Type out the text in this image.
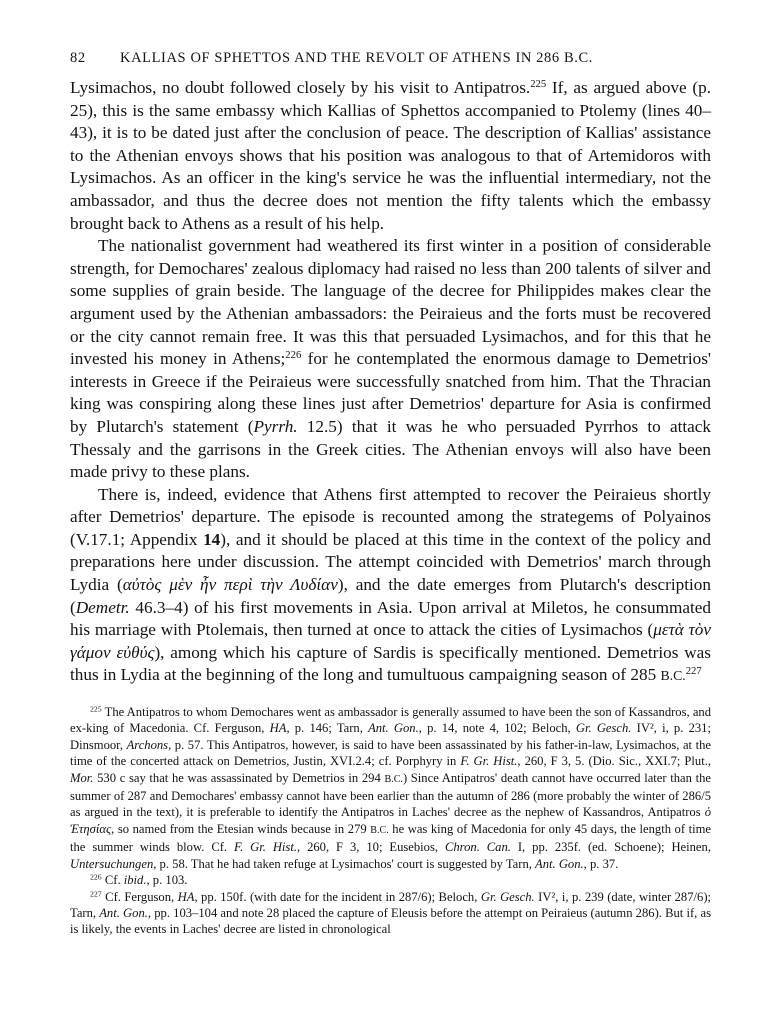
82	KALLIAS OF SPHETTOS AND THE REVOLT OF ATHENS IN 286 B.C.

Lysimachos, no doubt followed closely by his visit to Antipatros.$^{225}$ If, as argued above (p. 25), this is the same embassy which Kallias of Sphettos accompanied to Ptolemy (lines 40–43), it is to be dated just after the conclusion of peace. The description of Kallias' assistance to the Athenian envoys shows that his position was analogous to that of Artemidoros with Lysimachos. As an officer in the king's service he was the influential intermediary, not the ambassador, and thus the decree does not mention the fifty talents which the embassy brought back to Athens as a result of his help.

The nationalist government had weathered its first winter in a position of considerable strength, for Demochares' zealous diplomacy had raised no less than 200 talents of silver and some supplies of grain beside. The language of the decree for Philippides makes clear the argument used by the Athenian ambassadors: the Peiraieus and the forts must be recovered or the city cannot remain free. It was this that persuaded Lysimachos, and for this that he invested his money in Athens;$^{226}$ for he contemplated the enormous damage to Demetrios' interests in Greece if the Peiraieus were successfully snatched from him. That the Thracian king was conspiring along these lines just after Demetrios' departure for Asia is confirmed by Plutarch's statement (Pyrrh. 12.5) that it was he who persuaded Pyrrhos to attack Thessaly and the garrisons in the Greek cities. The Athenian envoys will also have been made privy to these plans.

There is, indeed, evidence that Athens first attempted to recover the Peiraieus shortly after Demetrios' departure. The episode is recounted among the strategems of Polyainos (V.17.1; Appendix 14), and it should be placed at this time in the context of the policy and preparations here under discussion. The attempt coincided with Demetrios' march through Lydia (αὐτὸς μὲν ἦν περὶ τὴν Λυδίαν), and the date emerges from Plutarch's description (Demetr. 46.3–4) of his first movements in Asia. Upon arrival at Miletos, he consummated his marriage with Ptolemais, then turned at once to attack the cities of Lysimachos (μετὰ τὸν γάμον εὐθύς), among which his capture of Sardis is specifically mentioned. Demetrios was thus in Lydia at the beginning of the long and tumultuous campaigning season of 285 B.C.$^{227}$

$^{225}$ The Antipatros to whom Demochares went as ambassador is generally assumed to have been the son of Kassandros, and ex-king of Macedonia. Cf. Ferguson, HA, p. 146; Tarn, Ant. Gon., p. 14, note 4, 102; Beloch, Gr. Gesch. IV², i, p. 231; Dinsmoor, Archons, p. 57. This Antipatros, however, is said to have been assassinated by his father-in-law, Lysimachos, at the time of the concerted attack on Demetrios, Justin, XVI.2.4; cf. Porphyry in F. Gr. Hist., 260, F 3, 5. (Dio. Sic., XXI.7; Plut., Mor. 530 c say that he was assassinated by Demetrios in 294 B.C.) Since Antipatros' death cannot have occurred later than the summer of 287 and Demochares' embassy cannot have been earlier than the autumn of 286 (more probably the winter of 286/5 as argued in the text), it is preferable to identify the Antipatros in Laches' decree as the nephew of Kassandros, Antipatros ὁ Ἐτησίας, so named from the Etesian winds because in 279 B.C. he was king of Macedonia for only 45 days, the length of time the summer winds blow. Cf. F. Gr. Hist., 260, F 3, 10; Eusebios, Chron. Can. I, pp. 235f. (ed. Schoene); Heinen, Untersuchungen, p. 58. That he had taken refuge at Lysimachos' court is suggested by Tarn, Ant. Gon., p. 37.

$^{226}$ Cf. ibid., p. 103.

$^{227}$ Cf. Ferguson, HA, pp. 150f. (with date for the incident in 287/6); Beloch, Gr. Gesch. IV², i, p. 239 (date, winter 287/6); Tarn, Ant. Gon., pp. 103–104 and note 28 placed the capture of Eleusis before the attempt on Peiraieus (autumn 286). But if, as is likely, the events in Laches' decree are listed in chronological
